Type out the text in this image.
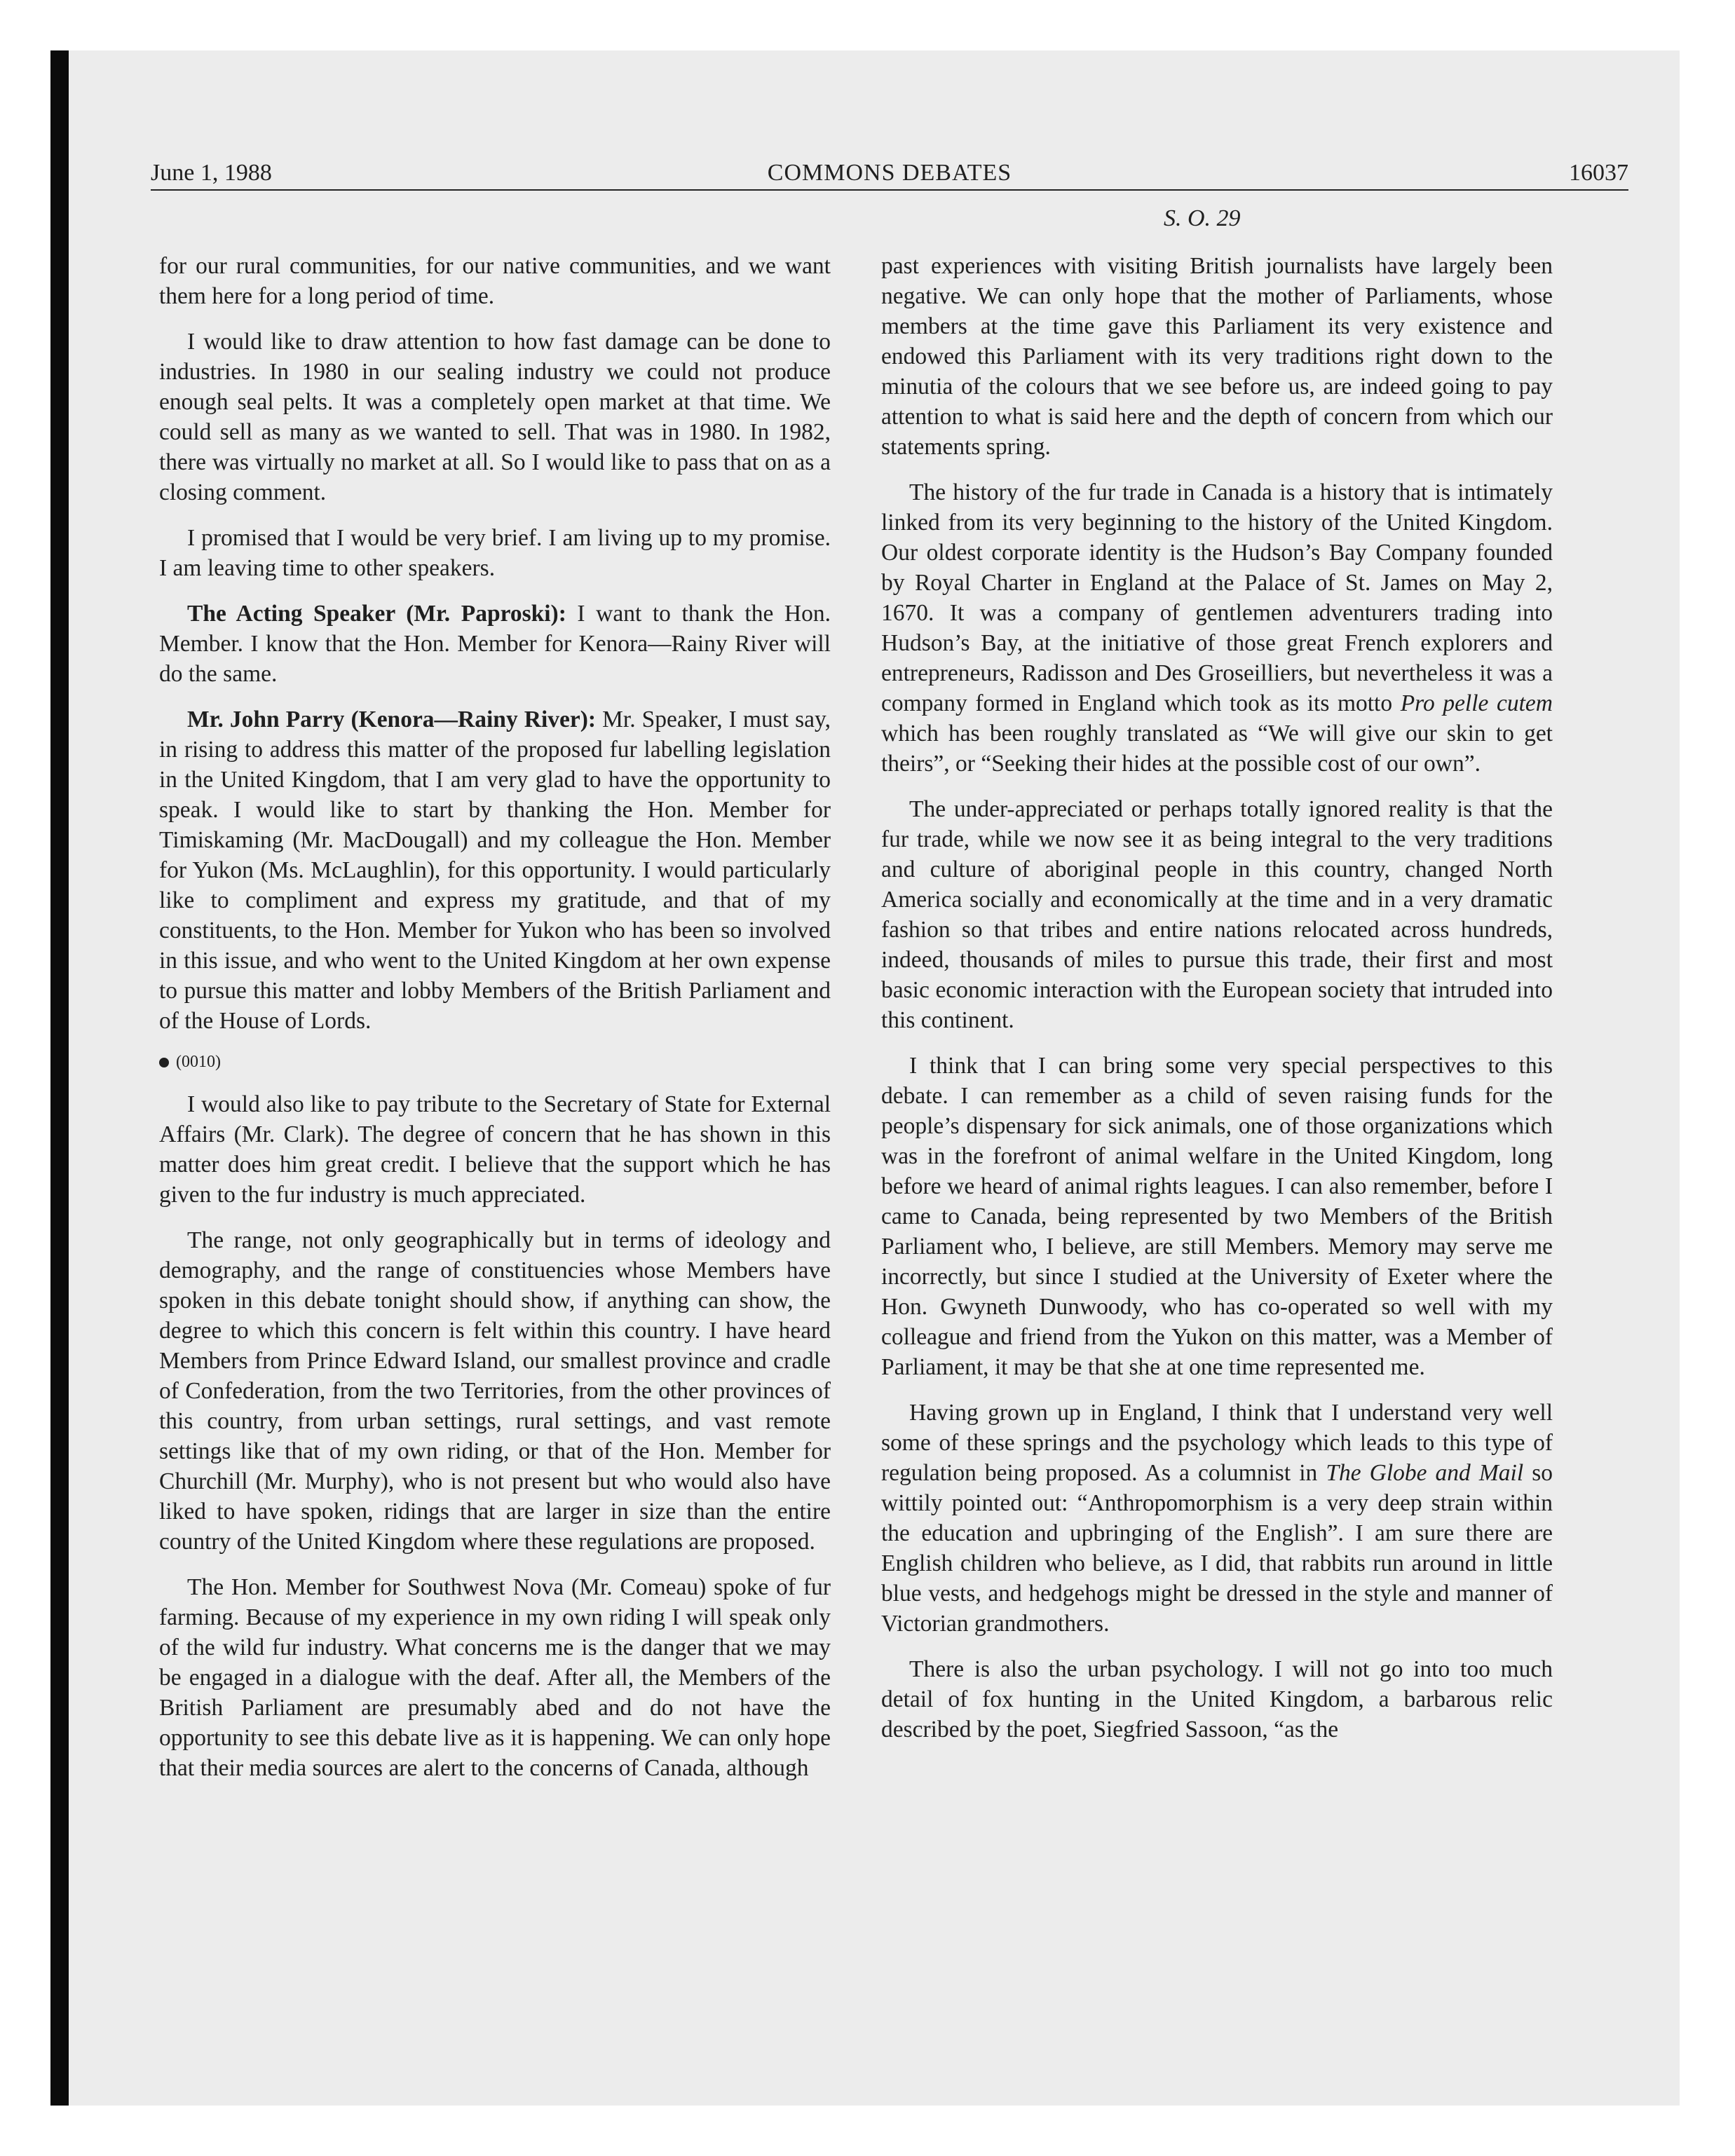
June 1, 1988	COMMONS DEBATES	16037
S. O. 29

for our rural communities, for our native communities, and we want them here for a long period of time.

I would like to draw attention to how fast damage can be done to industries. In 1980 in our sealing industry we could not produce enough seal pelts. It was a completely open market at that time. We could sell as many as we wanted to sell. That was in 1980. In 1982, there was virtually no market at all. So I would like to pass that on as a closing comment.

I promised that I would be very brief. I am living up to my promise. I am leaving time to other speakers.

The Acting Speaker (Mr. Paproski): I want to thank the Hon. Member. I know that the Hon. Member for Kenora—Rainy River will do the same.

Mr. John Parry (Kenora—Rainy River): Mr. Speaker, I must say, in rising to address this matter of the proposed fur labelling legislation in the United Kingdom, that I am very glad to have the opportunity to speak. I would like to start by thanking the Hon. Member for Timiskaming (Mr. MacDougall) and my colleague the Hon. Member for Yukon (Ms. McLaughlin), for this opportunity. I would particularly like to compliment and express my gratitude, and that of my constituents, to the Hon. Member for Yukon who has been so involved in this issue, and who went to the United Kingdom at her own expense to pursue this matter and lobby Members of the British Parliament and of the House of Lords.

(0010)

I would also like to pay tribute to the Secretary of State for External Affairs (Mr. Clark). The degree of concern that he has shown in this matter does him great credit. I believe that the support which he has given to the fur industry is much appreciated.

The range, not only geographically but in terms of ideology and demography, and the range of constituencies whose Members have spoken in this debate tonight should show, if anything can show, the degree to which this concern is felt within this country. I have heard Members from Prince Edward Island, our smallest province and cradle of Confederation, from the two Territories, from the other provinces of this country, from urban settings, rural settings, and vast remote settings like that of my own riding, or that of the Hon. Member for Churchill (Mr. Murphy), who is not present but who would also have liked to have spoken, ridings that are larger in size than the entire country of the United Kingdom where these regulations are proposed.

The Hon. Member for Southwest Nova (Mr. Comeau) spoke of fur farming. Because of my experience in my own riding I will speak only of the wild fur industry. What concerns me is the danger that we may be engaged in a dialogue with the deaf. After all, the Members of the British Parliament are presumably abed and do not have the opportunity to see this debate live as it is happening. We can only hope that their media sources are alert to the concerns of Canada, although

past experiences with visiting British journalists have largely been negative. We can only hope that the mother of Parliaments, whose members at the time gave this Parliament its very existence and endowed this Parliament with its very traditions right down to the minutia of the colours that we see before us, are indeed going to pay attention to what is said here and the depth of concern from which our statements spring.

The history of the fur trade in Canada is a history that is intimately linked from its very beginning to the history of the United Kingdom. Our oldest corporate identity is the Hudson’s Bay Company founded by Royal Charter in England at the Palace of St. James on May 2, 1670. It was a company of gentlemen adventurers trading into Hudson’s Bay, at the initiative of those great French explorers and entrepreneurs, Radisson and Des Groseilliers, but nevertheless it was a company formed in England which took as its motto Pro pelle cutem which has been roughly translated as “We will give our skin to get theirs”, or “Seeking their hides at the possible cost of our own”.

The under-appreciated or perhaps totally ignored reality is that the fur trade, while we now see it as being integral to the very traditions and culture of aboriginal people in this country, changed North America socially and economically at the time and in a very dramatic fashion so that tribes and entire nations relocated across hundreds, indeed, thousands of miles to pursue this trade, their first and most basic economic interaction with the European society that intruded into this continent.

I think that I can bring some very special perspectives to this debate. I can remember as a child of seven raising funds for the people’s dispensary for sick animals, one of those organizations which was in the forefront of animal welfare in the United Kingdom, long before we heard of animal rights leagues. I can also remember, before I came to Canada, being represented by two Members of the British Parliament who, I believe, are still Members. Memory may serve me incorrectly, but since I studied at the University of Exeter where the Hon. Gwyneth Dunwoody, who has co-operated so well with my colleague and friend from the Yukon on this matter, was a Member of Parliament, it may be that she at one time represented me.

Having grown up in England, I think that I understand very well some of these springs and the psychology which leads to this type of regulation being proposed. As a columnist in The Globe and Mail so wittily pointed out: “Anthropomorphism is a very deep strain within the education and upbringing of the English”. I am sure there are English children who believe, as I did, that rabbits run around in little blue vests, and hedgehogs might be dressed in the style and manner of Victorian grandmothers.

There is also the urban psychology. I will not go into too much detail of fox hunting in the United Kingdom, a barbarous relic described by the poet, Siegfried Sassoon, “as the
